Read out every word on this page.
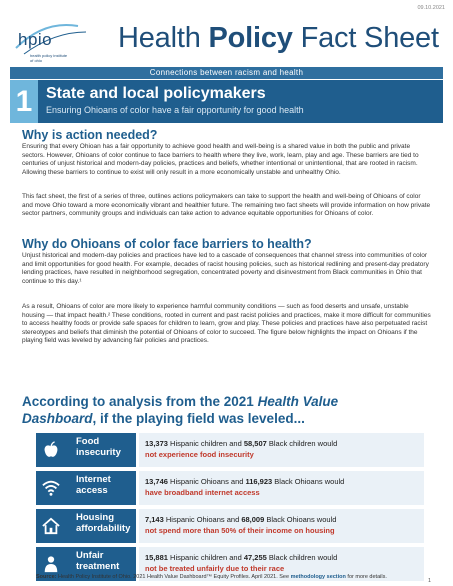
09.10.2021
hpio
health policy institute
of ohio
Health Policy Fact Sheet
Connections between racism and health
1 State and local policymakers
Ensuring Ohioans of color have a fair opportunity for good health
Why is action needed?
Ensuring that every Ohioan has a fair opportunity to achieve good health and well-being is a shared value in both the public and private sectors. However, Ohioans of color continue to face barriers to health where they live, work, learn, play and age. These barriers are tied to centuries of unjust historical and modern-day policies, practices and beliefs, whether intentional or unintentional, that are rooted in racism. Allowing these barriers to continue to exist will only result in a more economically unstable and unhealthy Ohio.
This fact sheet, the first of a series of three, outlines actions policymakers can take to support the health and well-being of Ohioans of color and move Ohio toward a more economically vibrant and healthier future. The remaining two fact sheets will provide information on how private sector partners, community groups and individuals can take action to advance equitable opportunities for Ohioans of color.
Why do Ohioans of color face barriers to health?
Unjust historical and modern-day policies and practices have led to a cascade of consequences that channel stress into communities of color and limit opportunities for good health. For example, decades of racist housing policies, such as historical redlining and present-day predatory lending practices, have resulted in neighborhood segregation, concentrated poverty and disinvestment from Black communities in Ohio that continue to this day.¹
As a result, Ohioans of color are more likely to experience harmful community conditions — such as food deserts and unsafe, unstable housing — that impact health.² These conditions, rooted in current and past racist policies and practices, make it more difficult for communities to access healthy foods or provide safe spaces for children to learn, grow and play. These policies and practices have also perpetuated racist stereotypes and beliefs that diminish the potential of Ohioans of color to succeed. The figure below highlights the impact on Ohioans if the playing field was leveled by advancing fair policies and practices.
According to analysis from the 2021 Health Value Dashboard, if the playing field was leveled...
Food insecurity
13,373 Hispanic children and 58,507 Black children would
not experience food insecurity
Internet access
13,746 Hispanic Ohioans and 116,923 Black Ohioans would
have broadband internet access
Housing affordability
7,143 Hispanic Ohioans and 68,009 Black Ohioans would
not spend more than 50% of their income on housing
Unfair treatment
15,881 Hispanic children and 47,255 Black children would
not be treated unfairly due to their race
Source: Health Policy Institute of Ohio. 2021 Health Value Dashboard™ Equity Profiles. April 2021. See methodology section for more details.
1
